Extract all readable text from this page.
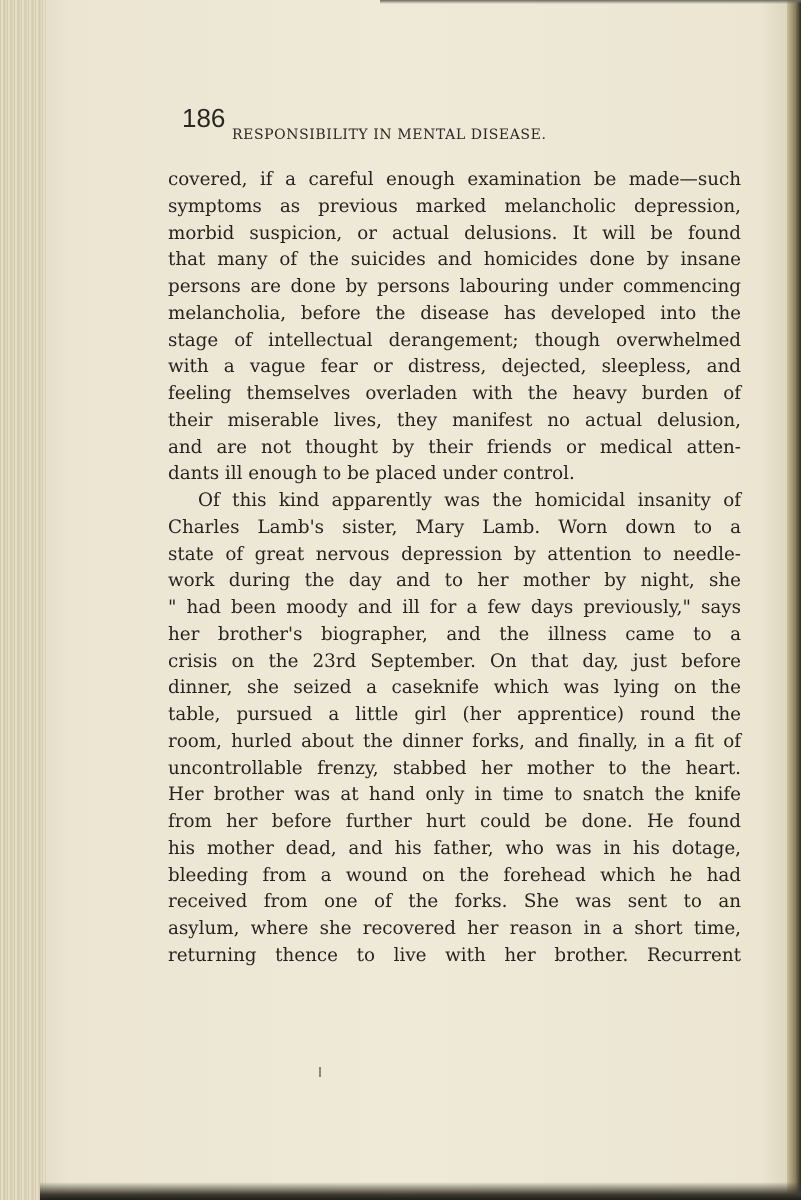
186
RESPONSIBILITY IN MENTAL DISEASE.
covered, if a careful enough examination be made—such
symptoms as previous marked melancholic depression,
morbid suspicion, or actual delusions. It will be found
that many of the suicides and homicides done by insane
persons are done by persons labouring under commencing
melancholia, before the disease has developed into the
stage of intellectual derangement; though overwhelmed
with a vague fear or distress, dejected, sleepless, and
feeling themselves overladen with the heavy burden of
their miserable lives, they manifest no actual delusion,
and are not thought by their friends or medical atten-
dants ill enough to be placed under control.
Of this kind apparently was the homicidal insanity of
Charles Lamb's sister, Mary Lamb. Worn down to a
state of great nervous depression by attention to needle-
work during the day and to her mother by night, she
" had been moody and ill for a few days previously," says
her brother's biographer, and the illness came to a
crisis on the 23rd September. On that day, just before
dinner, she seized a caseknife which was lying on the
table, pursued a little girl (her apprentice) round the
room, hurled about the dinner forks, and finally, in a fit of
uncontrollable frenzy, stabbed her mother to the heart.
Her brother was at hand only in time to snatch the knife
from her before further hurt could be done. He found
his mother dead, and his father, who was in his dotage,
bleeding from a wound on the forehead which he had
received from one of the forks. She was sent to an
asylum, where she recovered her reason in a short time,
returning thence to live with her brother. Recurrent
